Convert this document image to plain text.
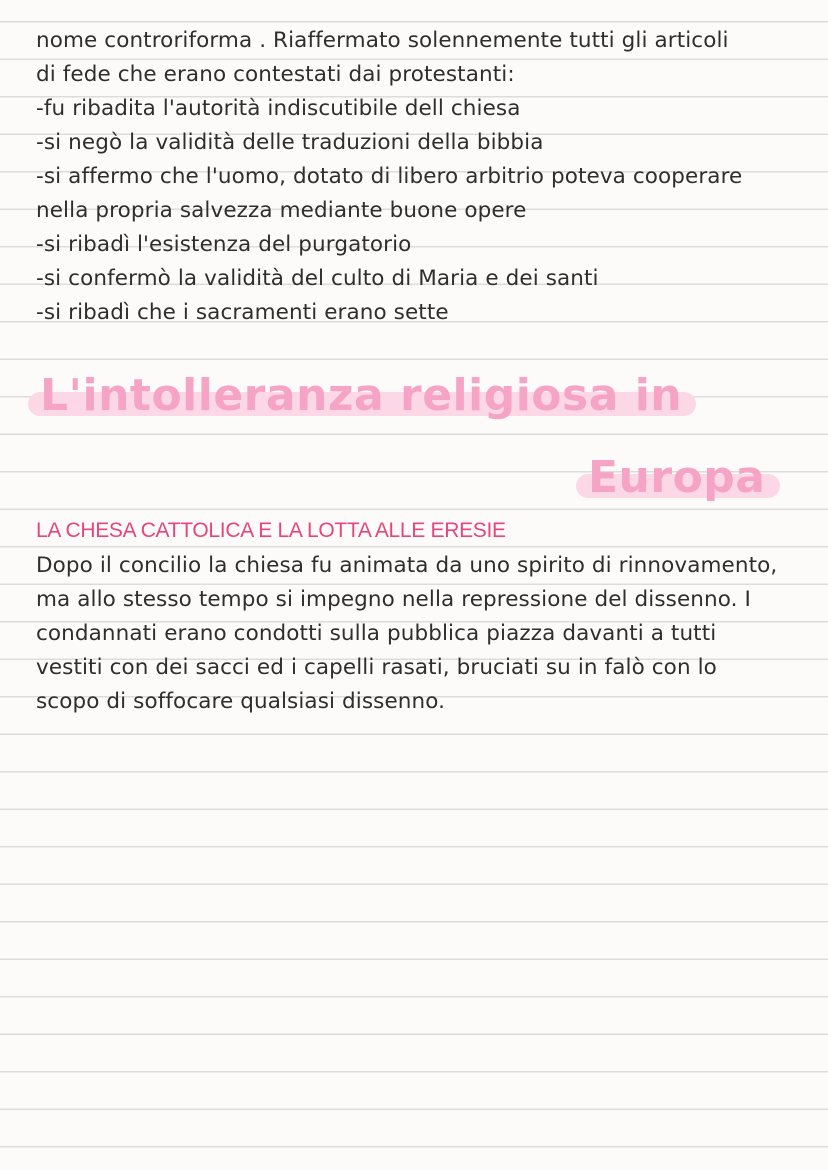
nome controriforma . Riaffermato solennemente tutti gli articoli
di fede che erano contestati dai protestanti:
-fu ribadita l'autorità indiscutibile dell chiesa
-si negò la validità delle traduzioni della bibbia
-si affermo che l'uomo, dotato di libero arbitrio poteva cooperare
nella propria salvezza mediante buone opere
-si ribadì l'esistenza del purgatorio
-si confermò la validità del culto di Maria e dei santi
-si ribadì che i sacramenti erano sette
L'intolleranza religiosa in
Europa
LA CHESA CATTOLICA E LA LOTTA ALLE ERESIE
Dopo il concilio la chiesa fu animata da uno spirito di rinnovamento,
ma allo stesso tempo si impegno nella repressione del dissenno. I
condannati erano condotti sulla pubblica piazza davanti a tutti
vestiti con dei sacci ed i capelli rasati, bruciati su in falò con lo
scopo di soffocare qualsiasi dissenno.
